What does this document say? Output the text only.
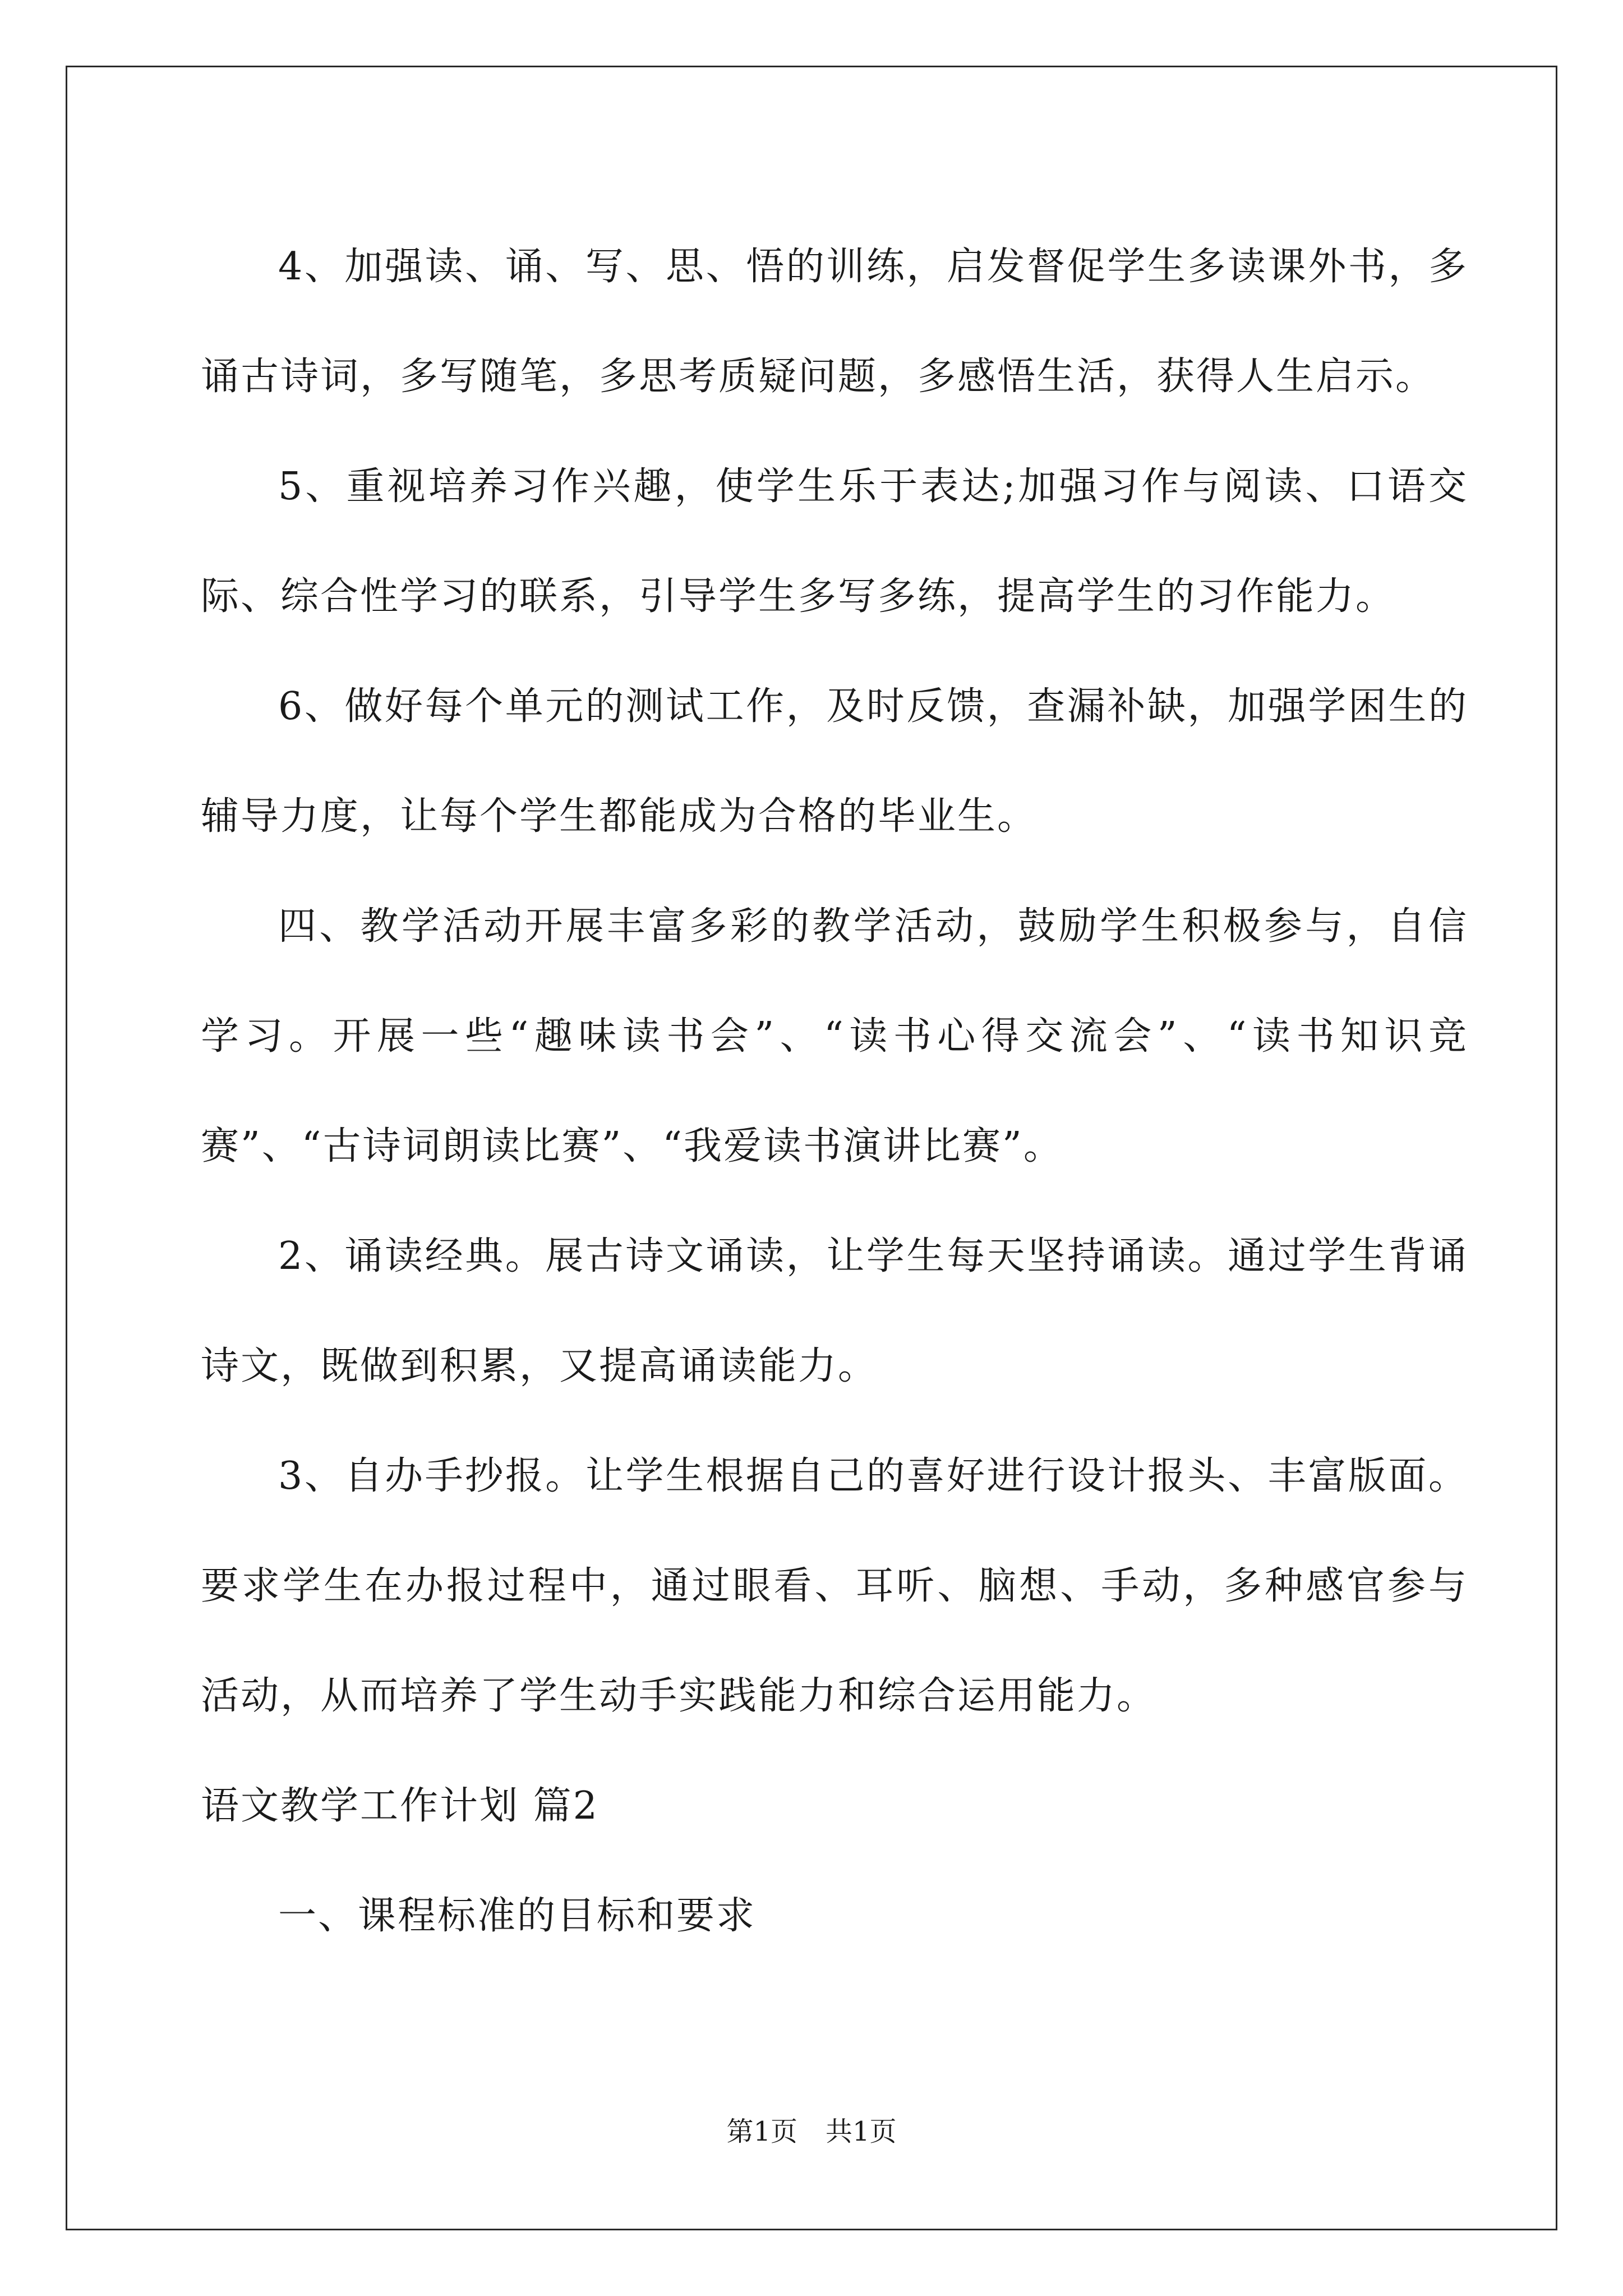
4、加强读、诵、写、思、悟的训练，启发督促学生多读课外书，多诵古诗词，多写随笔，多思考质疑问题，多感悟生活，获得人生启示。

5、重视培养习作兴趣，使学生乐于表达;加强习作与阅读、口语交际、综合性学习的联系，引导学生多写多练，提高学生的习作能力。

6、做好每个单元的测试工作，及时反馈，查漏补缺，加强学困生的辅导力度，让每个学生都能成为合格的毕业生。

四、教学活动开展丰富多彩的教学活动，鼓励学生积极参与，自信学习。开展一些“趣味读书会”、“读书心得交流会”、“读书知识竞赛”、“古诗词朗读比赛”、“我爱读书演讲比赛”。

2、诵读经典。展古诗文诵读，让学生每天坚持诵读。通过学生背诵诗文，既做到积累，又提高诵读能力。

3、自办手抄报。让学生根据自己的喜好进行设计报头、丰富版面。要求学生在办报过程中，通过眼看、耳听、脑想、手动，多种感官参与活动，从而培养了学生动手实践能力和综合运用能力。

语文教学工作计划 篇2

一、课程标准的目标和要求

第1页 共1页
